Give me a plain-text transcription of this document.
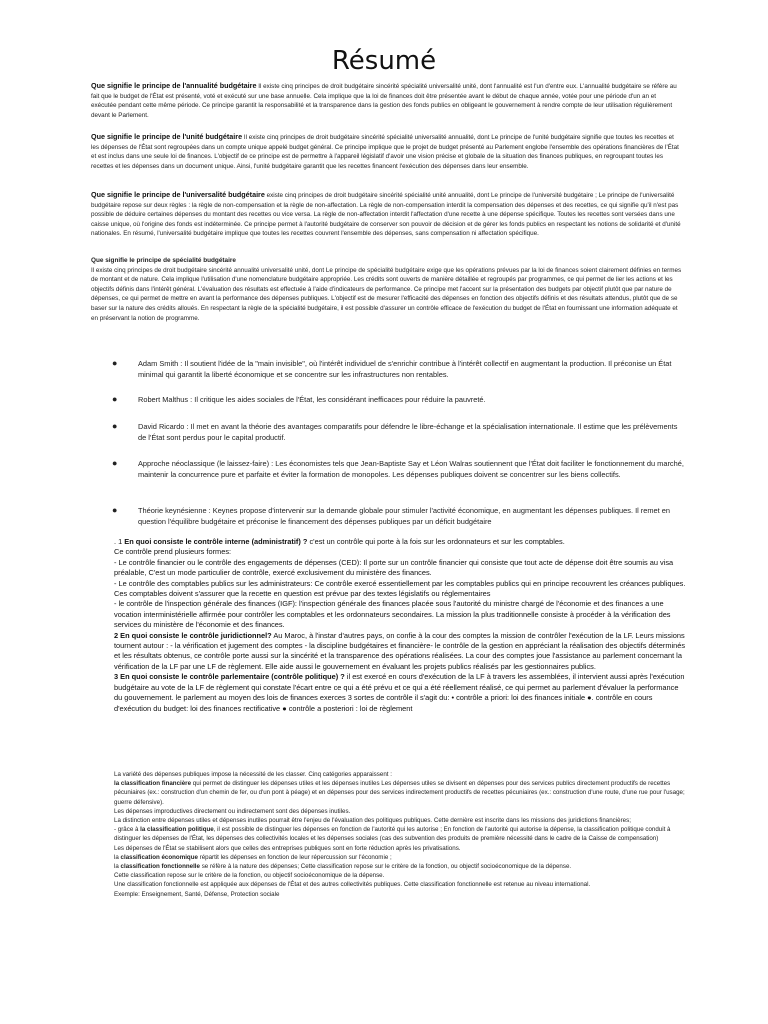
Résumé
Que signifie le principe de l'annualité budgétaire Il existe cinq principes de droit budgétaire sincérité spécialité universalité unité, dont l'annualité est l'un d'entre eux. L'annualité budgétaire se réfère au fait que le budget de l'État est présenté, voté et exécuté sur une base annuelle. Cela implique que la loi de finances doit être présentée avant le début de chaque année, votée pour une période d'un an et exécutée pendant cette même période. Ce principe garantit la responsabilité et la transparence dans la gestion des fonds publics en obligeant le gouvernement à rendre compte de leur utilisation régulièrement devant le Parlement.
Que signifie le principe de l'unité budgétaire Il existe cinq principes de droit budgétaire sincérité spécialité universalité annualité, dont Le principe de l'unité budgétaire signifie que toutes les recettes et les dépenses de l'État sont regroupées dans un compte unique appelé budget général. Ce principe implique que le projet de budget présenté au Parlement englobe l'ensemble des opérations financières de l'État et est inclus dans une seule loi de finances. L'objectif de ce principe est de permettre à l'appareil législatif d'avoir une vision précise et globale de la situation des finances publiques, en regroupant toutes les recettes et les dépenses dans un document unique. Ainsi, l'unité budgétaire garantit que les recettes financent l'exécution des dépenses dans leur ensemble.
Que signifie le principe de l'universalité budgétaire existe cinq principes de droit budgétaire sincérité spécialité unité annualité, dont Le principe de l'université budgétaire ; Le principe de l'universalité budgétaire repose sur deux règles : la règle de non-compensation et la règle de non-affectation. La règle de non-compensation interdit la compensation des dépenses et des recettes, ce qui signifie qu'il n'est pas possible de déduire certaines dépenses du montant des recettes ou vice versa. La règle de non-affectation interdit l'affectation d'une recette à une dépense spécifique. Toutes les recettes sont versées dans une caisse unique, où l'origine des fonds est indéterminée. Ce principe permet à l'autorité budgétaire de conserver son pouvoir de décision et de gérer les fonds publics en respectant les notions de solidarité et d'unité nationales. En résumé, l'universalité budgétaire implique que toutes les recettes couvrent l'ensemble des dépenses, sans compensation ni affectation spécifique.
Que signifie le principe de spécialité budgétaire
Il existe cinq principes de droit budgétaire sincérité annualité universalité unité, dont Le principe de spécialité budgétaire exige que les opérations prévues par la loi de finances soient clairement définies en termes de montant et de nature. Cela implique l'utilisation d'une nomenclature budgétaire appropriée. Les crédits sont ouverts de manière détaillée et regroupés par programmes, ce qui permet de lier les actions et les objectifs définis dans l'intérêt général. L'évaluation des résultats est effectuée à l'aide d'indicateurs de performance. Ce principe met l'accent sur la présentation des budgets par objectif plutôt que par nature de dépenses, ce qui permet de mettre en avant la performance des dépenses publiques. L'objectif est de mesurer l'efficacité des dépenses en fonction des objectifs définis et des résultats attendus, plutôt que de se baser sur la nature des crédits alloués. En respectant la règle de la spécialité budgétaire, il est possible d'assurer un contrôle efficace de l'exécution du budget de l'État en fournissant une information adéquate et en préservant la notion de programme.
●	Adam Smith : Il soutient l'idée de la "main invisible", où l'intérêt individuel de s'enrichir contribue à l'intérêt collectif en augmentant la production. Il préconise un État minimal qui garantit la liberté économique et se concentre sur les infrastructures non rentables.
●	Robert Malthus : Il critique les aides sociales de l'État, les considérant inefficaces pour réduire la pauvreté.
●	David Ricardo : Il met en avant la théorie des avantages comparatifs pour défendre le libre-échange et la spécialisation internationale. Il estime que les prélèvements de l'État sont perdus pour le capital productif.
●	Approche néoclassique (le laissez-faire) : Les économistes tels que Jean-Baptiste Say et Léon Walras soutiennent que l'État doit faciliter le fonctionnement du marché, maintenir la concurrence pure et parfaite et éviter la formation de monopoles. Les dépenses publiques doivent se concentrer sur les biens collectifs.
●	Théorie keynésienne : Keynes propose d'intervenir sur la demande globale pour stimuler l'activité économique, en augmentant les dépenses publiques. Il remet en question l'équilibre budgétaire et préconise le financement des dépenses publiques par un déficit budgétaire
. 1 En quoi consiste le contrôle interne (administratif) ? c'est un contrôle qui porte à la fois sur les ordonnateurs et sur les comptables.
Ce contrôle prend plusieurs formes:
- Le contrôle financier ou le contrôle des engagements de dépenses (CED): Il porte sur un contrôle financier qui consiste que tout acte de dépense doit être soumis au visa préalable, C'est un mode particulier de contrôle, exercé exclusivement du ministère des finances.
- Le contrôle des comptables publics sur les administrateurs: Ce contrôle exercé essentiellement par les comptables publics qui en principe recouvrent les créances publiques. Ces comptables doivent s'assurer que la recette en question est prévue par des textes législatifs ou réglementaires
- le contrôle de l'inspection générale des finances (IGF): l'inspection générale des finances placée sous l'autorité du ministre chargé de l'économie et des finances a une vocation interministérielle affirmée pour contrôler les comptables et les ordonnateurs secondaires. La mission la plus traditionnelle consiste à procéder à la vérification des services du ministère de l'économie et des finances.
2 En quoi consiste le contrôle juridictionnel? Au Maroc, à l'instar d'autres pays, on confie à la cour des comptes la mission de contrôler l'exécution de la LF. Leurs missions tournent autour : - la vérification et jugement des comptes - la discipline budgétaires et financière- le contrôle de la gestion en appréciant la réalisation des objectifs déterminés et les résultats obtenus, ce contrôle porte aussi sur la sincérité et la transparence des opérations réalisées. La cour des comptes joue l'assistance au parlement concernant la vérification de la LF par une LF de règlement. Elle aide aussi le gouvernement en évaluant les projets publics réalisés par les gestionnaires publics.
3 En quoi consiste le contrôle parlementaire (contrôle politique) ? il est exercé en cours d'exécution de la LF à travers les assemblées, il intervient aussi après l'exécution budgétaire au vote de la LF de règlement qui constate l'écart entre ce qui a été prévu et ce qui a été réellement réalisé, ce qui permet au parlement d'évaluer la performance du gouvernement. le parlement au moyen des lois de finances exerces 3 sortes de contrôle il s'agit du: • contrôle a priori: loi des finances initiale ●. contrôle en cours d'exécution du budget: loi des finances rectificative ● contrôle a posteriori : loi de règlement
La variété des dépenses publiques impose la nécessité de les classer. Cinq catégories apparaissent :
la classification financière qui permet de distinguer les dépenses utiles et les dépenses inutiles Les dépenses utiles se divisent en dépenses pour des services publics directement productifs de recettes pécuniaires (ex.: construction d'un chemin de fer, ou d'un pont à péage) et en dépenses pour des services indirectement productifs de recettes pécuniaires (ex.: construction d'une route, d'une rue pour l'usage; guerre défensive).
Les dépenses improductives directement ou indirectement sont des dépenses inutiles.
La distinction entre dépenses utiles et dépenses inutiles pourrait être l'enjeu de l'évaluation des politiques publiques. Cette dernière est inscrite dans les missions des juridictions financières;
- grâce à la classification politique, il est possible de distinguer les dépenses en fonction de l'autorité qui les autorise ; En fonction de l'autorité qui autorise la dépense, la classification politique conduit à distinguer les dépenses de l'État, les dépenses des collectivités locales et les dépenses sociales (cas des subvention des produits de première nécessité dans le cadre de la Caisse de compensation)
Les dépenses de l'État se stabilisent alors que celles des entreprises publiques sont en forte réduction après les privatisations.
la classification économique répartit les dépenses en fonction de leur répercussion sur l'économie ;
la classification fonctionnelle se réfère à la nature des dépenses; Cette classification repose sur le critère de la fonction, ou objectif socioéconomique de la dépense.
Cette classification repose sur le critère de la fonction, ou objectif socioéconomique de la dépense.
Une classification fonctionnelle est appliquée aux dépenses de l'État et des autres collectivités publiques. Cette classification fonctionnelle est retenue au niveau international.
Exemple: Enseignement, Santé, Défense, Protection sociale
